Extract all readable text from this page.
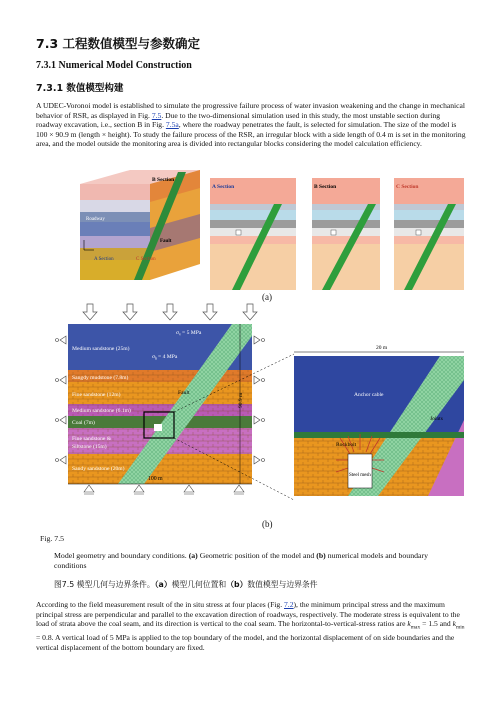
7.3 工程数值模型与参数确定
7.3.1 Numerical Model Construction
7.3.1 数值模型构建
A UDEC-Voronoi model is established to simulate the progressive failure process of water invasion weakening and the change in mechanical behavior of RSR, as displayed in Fig. 7.5. Due to the two-dimensional simulation used in this study, the most unstable section during roadway excavation, i.e., section B in Fig. 7.5a, where the roadway penetrates the fault, is selected for simulation. The size of the model is 100 × 90.9 m (length × height). To study the failure process of the RSR, an irregular block with a side length of 0.4 m is set in the monitoring area, and the model outside the monitoring area is divided into rectangular blocks considering the model calculation efficiency.
B Section
Roadway
Fault
A Section	C Section
A Section	B Section	C Section
(a)
Medium sandstone (25m)
Sangdy mudstone (7.8m)
Fine sandstone (12m)
Medium sandstone (6.1m)
Coal (7m)
Fine sandstone &
Siltstone (15m)
Sandy sandstone (20m)
$\sigma_v= 5$ MPa
$\sigma_h= 4$ MPa
Fault	90.9 m
100 m
20 m
Anchor cable
Joints
Rockbolt
Steel mesh
(b)
Fig. 7.5
Model geometry and boundary conditions. (a) Geometric position of the model and (b) numerical models and boundary conditions
图7.5 模型几何与边界条件。（a）模型几何位置和（b）数值模型与边界条件
According to the field measurement result of the in situ stress at four places (Fig. 7.2), the minimum principal stress and the maximum principal stress are perpendicular and parallel to the excavation direction of roadways, respectively. The moderate stress is equivalent to the load of strata above the coal seam, and its direction is vertical to the coal seam. The horizontal-to-vertical-stress ratios are $k_{max} = 1.5$ and $k_{min} = 0.8$. A vertical load of 5 MPa is applied to the top boundary of the model, and the horizontal displacement of on side boundaries and the vertical displacement of the bottom boundary are fixed.
